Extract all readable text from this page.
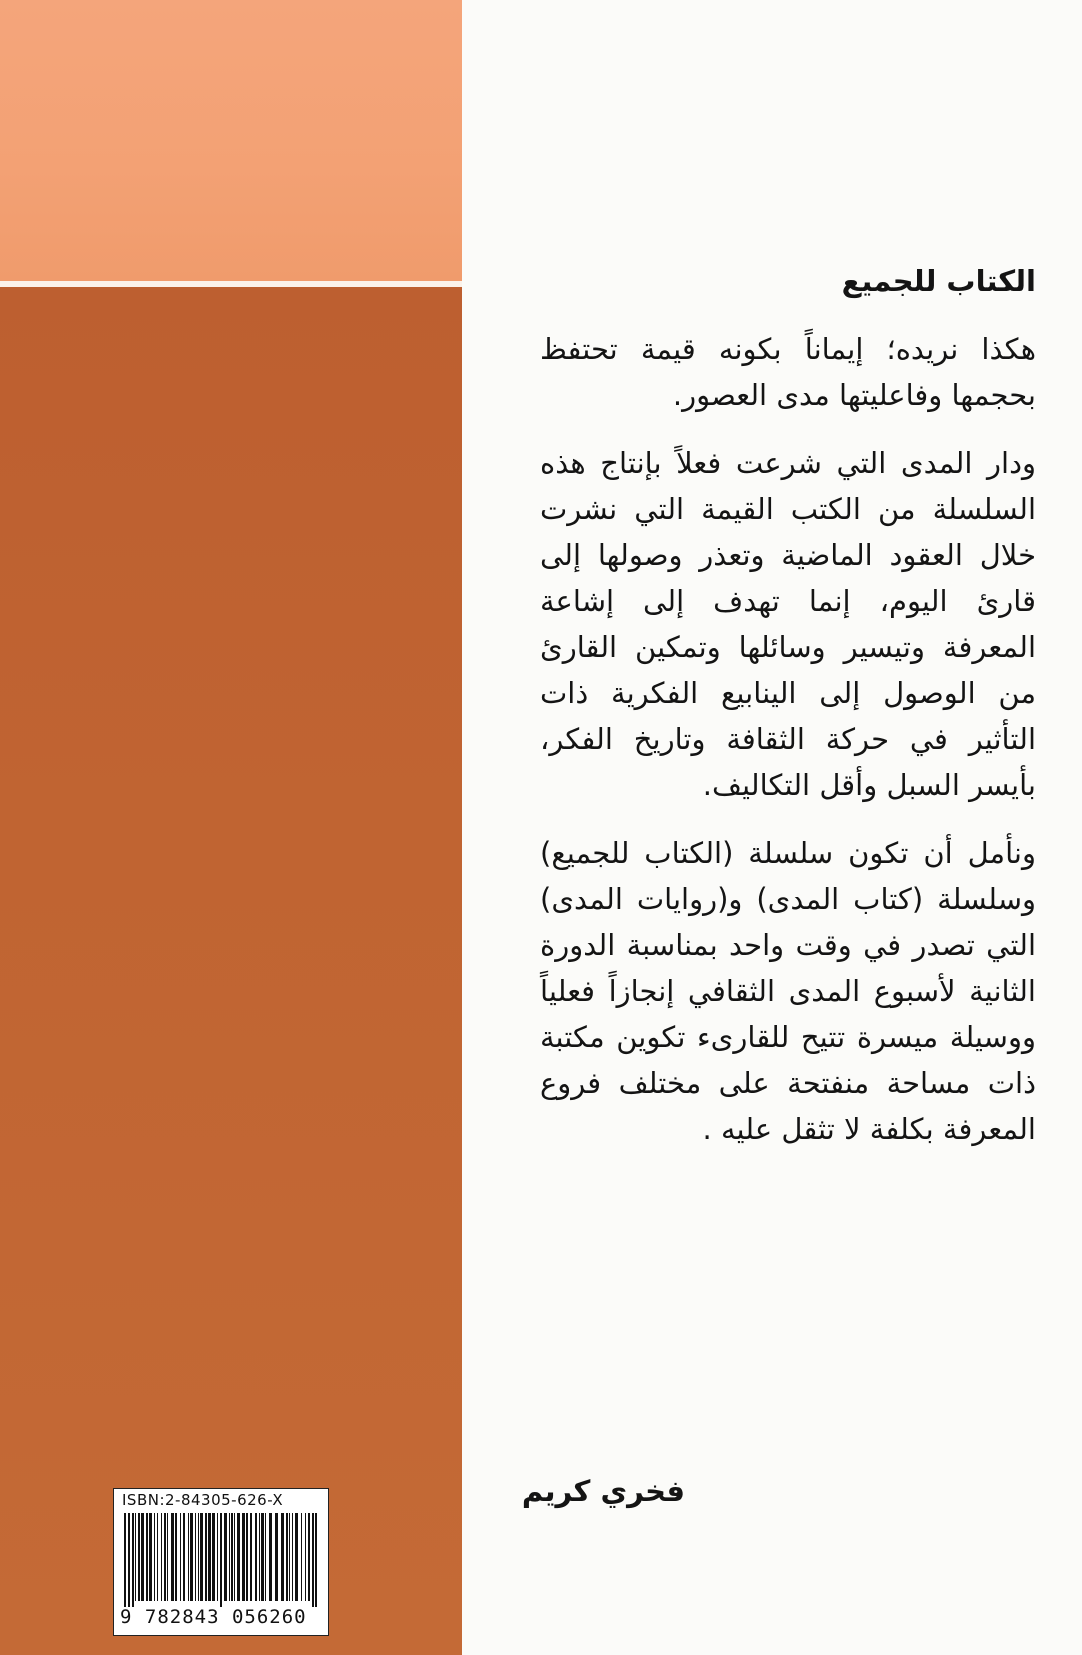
ISBN:2-84305-626-X
9 782843 056260
الكتاب للجميع

هكذا نريده؛ إيماناً بكونه قيمة تحتفظ بحجمها وفاعليتها مدى العصور.

ودار المدى التي شرعت فعلاً بإنتاج هذه السلسلة من الكتب القيمة التي نشرت خلال العقود الماضية وتعذر وصولها إلى قارئ اليوم، إنما تهدف إلى إشاعة المعرفة وتيسير وسائلها وتمكين القارئ من الوصول إلى الينابيع الفكرية ذات التأثير في حركة الثقافة وتاريخ الفكر، بأيسر السبل وأقل التكاليف.

ونأمل أن تكون سلسلة (الكتاب للجميع) وسلسلة (كتاب المدى) و(روايات المدى) التي تصدر في وقت واحد بمناسبة الدورة الثانية لأسبوع المدى الثقافي إنجازاً فعلياً ووسيلة ميسرة تتيح للقارىء تكوين مكتبة ذات مساحة منفتحة على مختلف فروع المعرفة بكلفة لا تثقل عليه .

فخري كريم
